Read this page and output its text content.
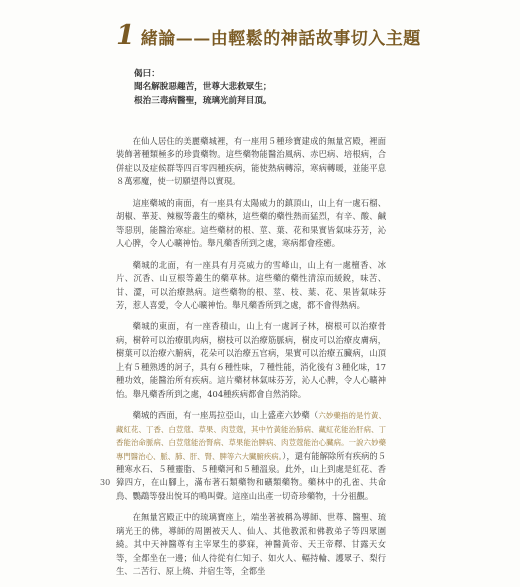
1 緒論——由輕鬆的神話故事切入主題
偈曰：
聞名解脫惡趣苦，世尊大悲救眾生；
根治三毒病醫聖，琉璃光前拜目頂。

在仙人居住的美麗藥城裡，有一座用５種珍寶建成的無量宮殿，裡面裝飾著種類極多的珍貴藥物。這些藥物能醫治風病、赤巴病、培根病，合併症以及症候群等四百零四種疾病，能使熱病轉涼，寒病轉暖，並能平息８萬邪魔，使一切願望得以實現。

這座藥城的南面，有一座具有太陽威力的鎮頂山，山上有一處石榴、胡椒、華茇、辣椒等叢生的藥林，這些藥的藥性熱而猛烈，有辛、酸、鹹等惡別，能醫治寒症。這些藥材的根、莖、葉、花和果實皆氣味芬芳，沁人心脾，令人心曠神怡。舉凡藥香所到之處，寒病都會痊癒。

藥城的北面，有一座具有月亮威力的雪峰山，山上有一處檀香、冰片、沉香、山豆根等叢生的藥草林。這些藥的藥性清涼而緩銳，味苦、甘、澀，可以治療熱病。這些藥物的根、莖、枝、葉、花、果皆氣味芬芳，惹人喜愛，令人心曠神怡。舉凡藥香所到之處，都不會得熱病。

藥城的東面，有一座香積山，山上有一處訶子林，樹根可以治療骨病，樹幹可以治療肌肉病，樹枝可以治療筋脈病，樹皮可以治療皮膚病，樹葉可以治療六腑病，花朵可以治療五官病，果實可以治療五臟病，山頂上有５種熟透的訶子，具有６種性味，７種性能，消化後有３種化味，17種功效，能醫治所有疾病。這片藥材林氣味芬芳，沁人心脾，令人心曠神怡。舉凡藥香所到之處，404種疾病都會自然消除。

藥城的西面，有一座馬拉亞山，山上盛產六妙藥（六妙藥指的是竹黃、藏紅花、丁香、白荳蔻、草果、肉荳蔻，其中竹黃能治肺病、藏紅花能治肝病、丁香能治命脈病、白荳蔻能治腎病、草果能治脾病、肉荳蔻能治心臟病。一說六妙藥專門醫治心、脈、肺、肝、腎、脾等六大臟腑疾病。），還有能解除所有疾病的５種寒水石、５種靈脂、５種藥河和５種溫泉。此外，山上到處是紅花、香獐四方，在山腳上，滿布著石類藥物和礦類藥物。藥林中的孔雀、共命鳥、鸚鵡等發出悅耳的鳴叫聲。這座山出產一切奇珍藥物，十分祖觀。

在無量宮殿正中的琉璃寶座上，端坐著被稱為導師、世尊、醫聖、琉璃光王的佛，導師的周圍被天人、仙人、其他教派和佛教弟子等四眾圍繞。其中天神醫尊有主宰眾生的夢寐，神醫黃帝、天王帝釋、甘露天女等，全都坐在一邊；仙人待從有仁知子、如火人、輻持輪、護眾子、梨行生、二苦行、原上燒、并宿生等，全都坐

30
